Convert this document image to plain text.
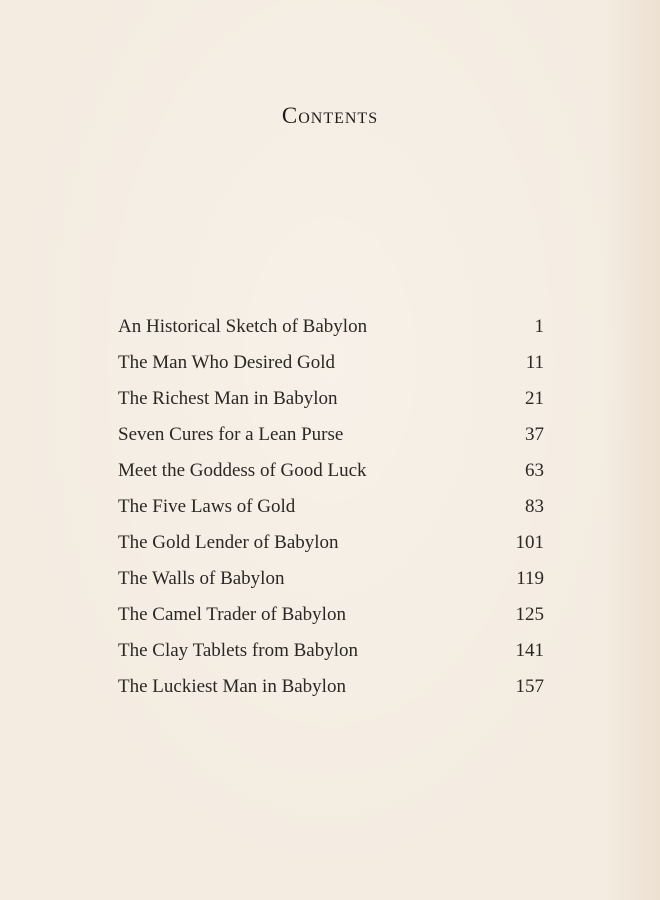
Contents
An Historical Sketch of Babylon	1
The Man Who Desired Gold	11
The Richest Man in Babylon	21
Seven Cures for a Lean Purse	37
Meet the Goddess of Good Luck	63
The Five Laws of Gold	83
The Gold Lender of Babylon	101
The Walls of Babylon	119
The Camel Trader of Babylon	125
The Clay Tablets from Babylon	141
The Luckiest Man in Babylon	157
